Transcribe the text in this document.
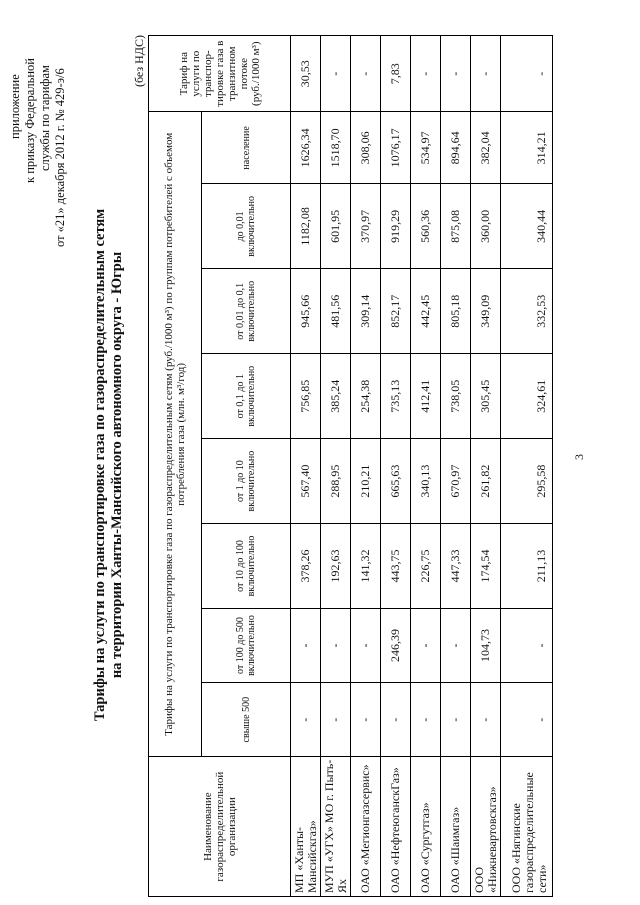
приложение к приказу Федеральной службы по тарифам от «21» декабря 2012 г. № 429-э/6
Тарифы на услуги по транспортировке газа по газораспределительным сетям на территории Ханты-Мансийского автономного округа - Югры
(без НДС)
Наименование газораспределительной организации	Тарифы на услуги по транспортировке газа по газораспределительным сетям (руб./1000 м³) по группам потребителей с объемом потребления газа (млн. м³/год)								Тариф на услуги по транспор- тировке газа в транзитном потоке (руб./1000 м³)
	свыше 500	от 100 до 500 включительно	от 10 до 100 включительно	от 1 до 10 включительно	от 0,1 до 1 включительно	от 0,01 до 0,1 включительно	до 0,01 включительно	население	
МП «Ханты-Мансийскгаз»	-	-	378,26	567,40	756,85	945,66	1182,08	1626,34	30,53
МУП «УГХ» МО г. Пыть-Ях	-	-	192,63	288,95	385,24	481,56	601,95	1518,70	-
ОАО «Мегионгазсервис»	-	-	141,32	210,21	254,38	309,14	370,97	308,06	-
ОАО «НефтеюганскГаз»	-	246,39	443,75	665,63	735,13	852,17	919,29	1076,17	7,83
ОАО «Сургутгаз»	-	-	226,75	340,13	412,41	442,45	560,36	534,97	-
ОАО «Шаимгаз»	-	-	447,33	670,97	738,05	805,18	875,08	894,64	-
ООО «Нижневартовскгаз»	-	104,73	174,54	261,82	305,45	349,09	360,00	382,04	-
ООО «Нягинские газораспределительные сети»	-	-	211,13	295,58	324,61	332,53	340,44	314,21	-
3
